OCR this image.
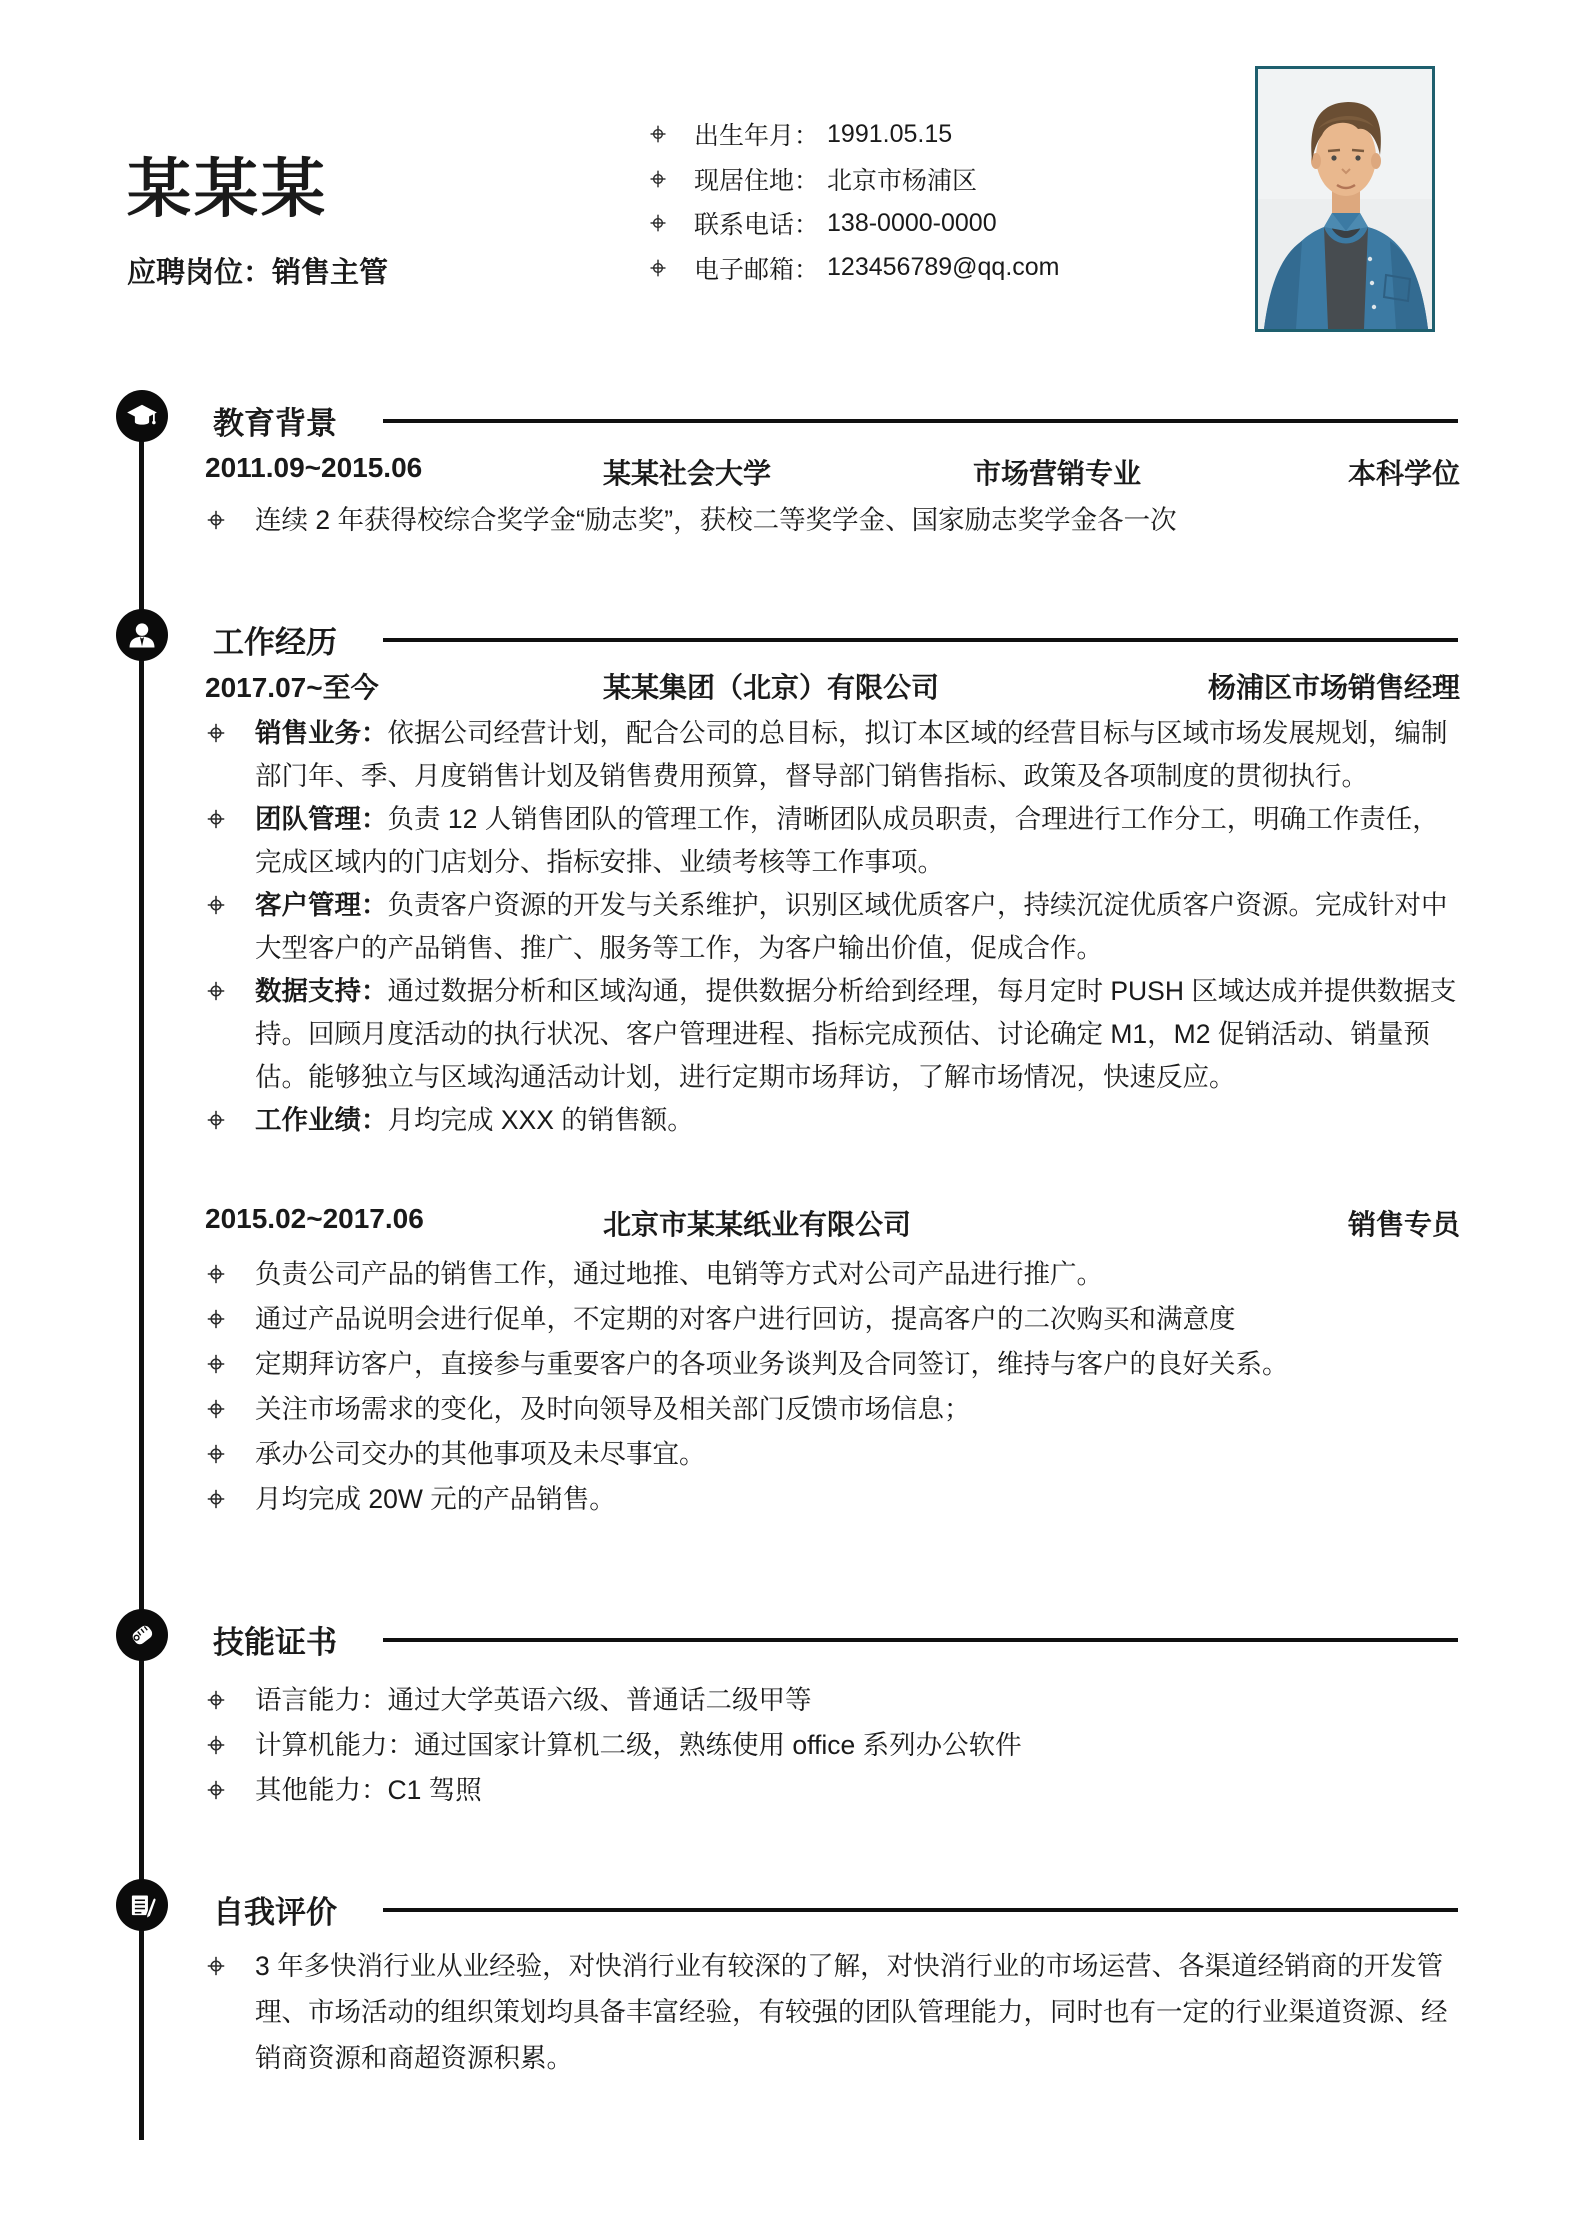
某某某
应聘岗位：销售主管
出生年月： 1991.05.15
现居住地： 北京市杨浦区
联系电话： 138-0000-0000
电子邮箱： 123456789@qq.com
教育背景
2011.09~2015.06	某某社会大学	市场营销专业	本科学位
连续 2 年获得校综合奖学金“励志奖”，获校二等奖学金、国家励志奖学金各一次
工作经历
2017.07~至今	某某集团（北京）有限公司	杨浦区市场销售经理
销售业务：依据公司经营计划，配合公司的总目标，拟订本区域的经营目标与区域市场发展规划，编制部门年、季、月度销售计划及销售费用预算，督导部门销售指标、政策及各项制度的贯彻执行。
团队管理：负责 12 人销售团队的管理工作，清晰团队成员职责，合理进行工作分工，明确工作责任，完成区域内的门店划分、指标安排、业绩考核等工作事项。
客户管理：负责客户资源的开发与关系维护，识别区域优质客户，持续沉淀优质客户资源。完成针对中大型客户的产品销售、推广、服务等工作，为客户输出价值，促成合作。
数据支持：通过数据分析和区域沟通，提供数据分析给到经理，每月定时 PUSH 区域达成并提供数据支持。回顾月度活动的执行状况、客户管理进程、指标完成预估、讨论确定 M1，M2 促销活动、销量预估。能够独立与区域沟通活动计划，进行定期市场拜访，了解市场情况，快速反应。
工作业绩：月均完成 XXX 的销售额。
2015.02~2017.06	北京市某某纸业有限公司	销售专员
负责公司产品的销售工作，通过地推、电销等方式对公司产品进行推广。
通过产品说明会进行促单，不定期的对客户进行回访，提高客户的二次购买和满意度
定期拜访客户，直接参与重要客户的各项业务谈判及合同签订，维持与客户的良好关系。
关注市场需求的变化，及时向领导及相关部门反馈市场信息；
承办公司交办的其他事项及未尽事宜。
月均完成 20W 元的产品销售。
技能证书
语言能力：通过大学英语六级、普通话二级甲等
计算机能力：通过国家计算机二级，熟练使用 office 系列办公软件
其他能力：C1 驾照
自我评价
3 年多快消行业从业经验，对快消行业有较深的了解，对快消行业的市场运营、各渠道经销商的开发管理、市场活动的组织策划均具备丰富经验，有较强的团队管理能力，同时也有一定的行业渠道资源、经销商资源和商超资源积累。
